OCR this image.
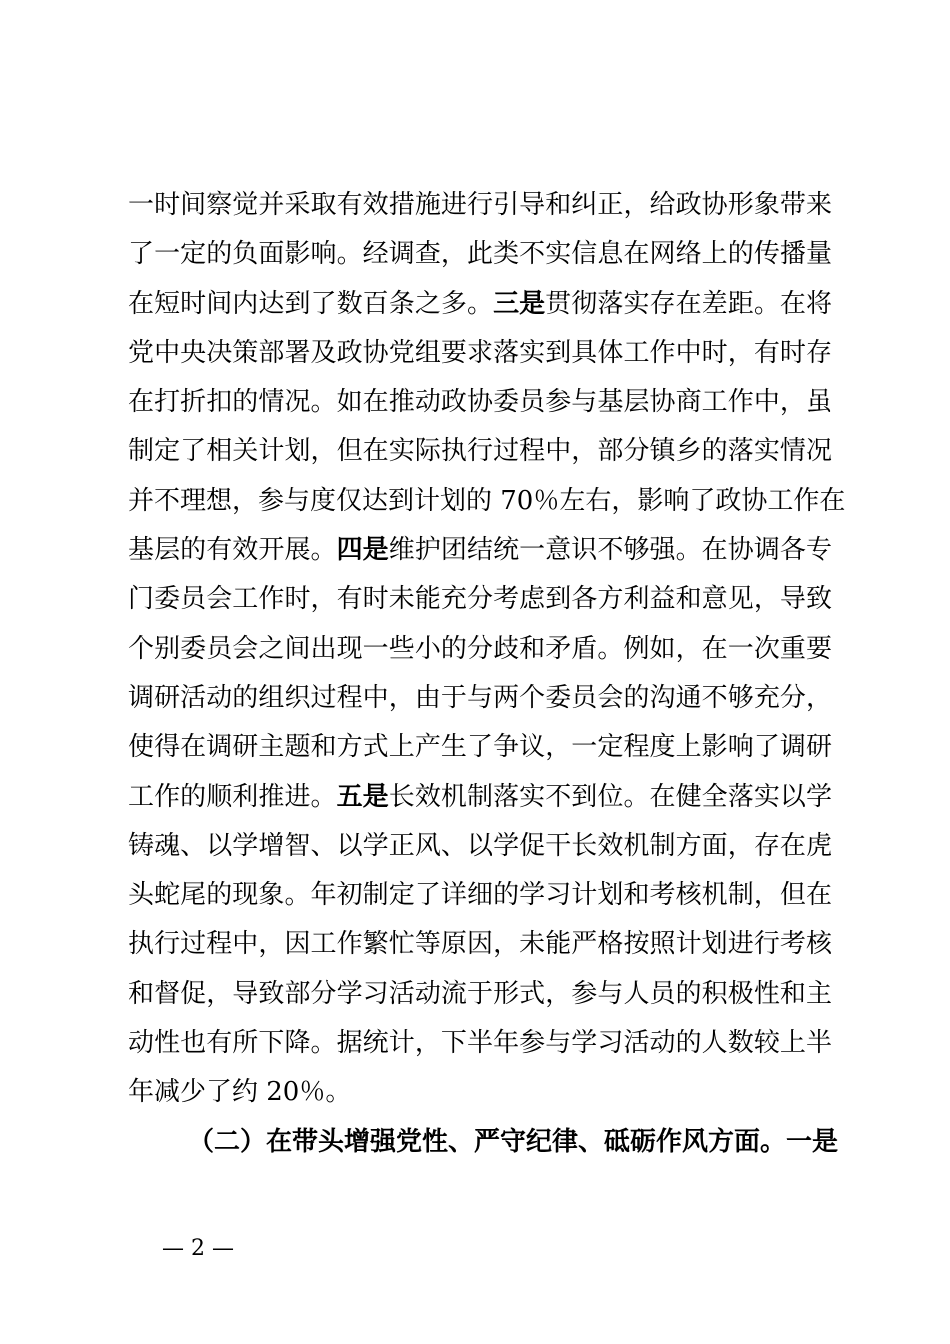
一时间察觉并采取有效措施进行引导和纠正，给政协形象带来
了一定的负面影响。经调查，此类不实信息在网络上的传播量
在短时间内达到了数百条之多。三是贯彻落实存在差距。在将
党中央决策部署及政协党组要求落实到具体工作中时，有时存
在打折扣的情况。如在推动政协委员参与基层协商工作中，虽
制定了相关计划，但在实际执行过程中，部分镇乡的落实情况
并不理想，参与度仅达到计划的 70％左右，影响了政协工作在
基层的有效开展。四是维护团结统一意识不够强。在协调各专
门委员会工作时，有时未能充分考虑到各方利益和意见，导致
个别委员会之间出现一些小的分歧和矛盾。例如，在一次重要
调研活动的组织过程中，由于与两个委员会的沟通不够充分，
使得在调研主题和方式上产生了争议，一定程度上影响了调研
工作的顺利推进。五是长效机制落实不到位。在健全落实以学
铸魂、以学增智、以学正风、以学促干长效机制方面，存在虎
头蛇尾的现象。年初制定了详细的学习计划和考核机制，但在
执行过程中，因工作繁忙等原因，未能严格按照计划进行考核
和督促，导致部分学习活动流于形式，参与人员的积极性和主
动性也有所下降。据统计，下半年参与学习活动的人数较上半
年减少了约 20％。
（二）在带头增强党性、严守纪律、砥砺作风方面。一是
— 2 —
